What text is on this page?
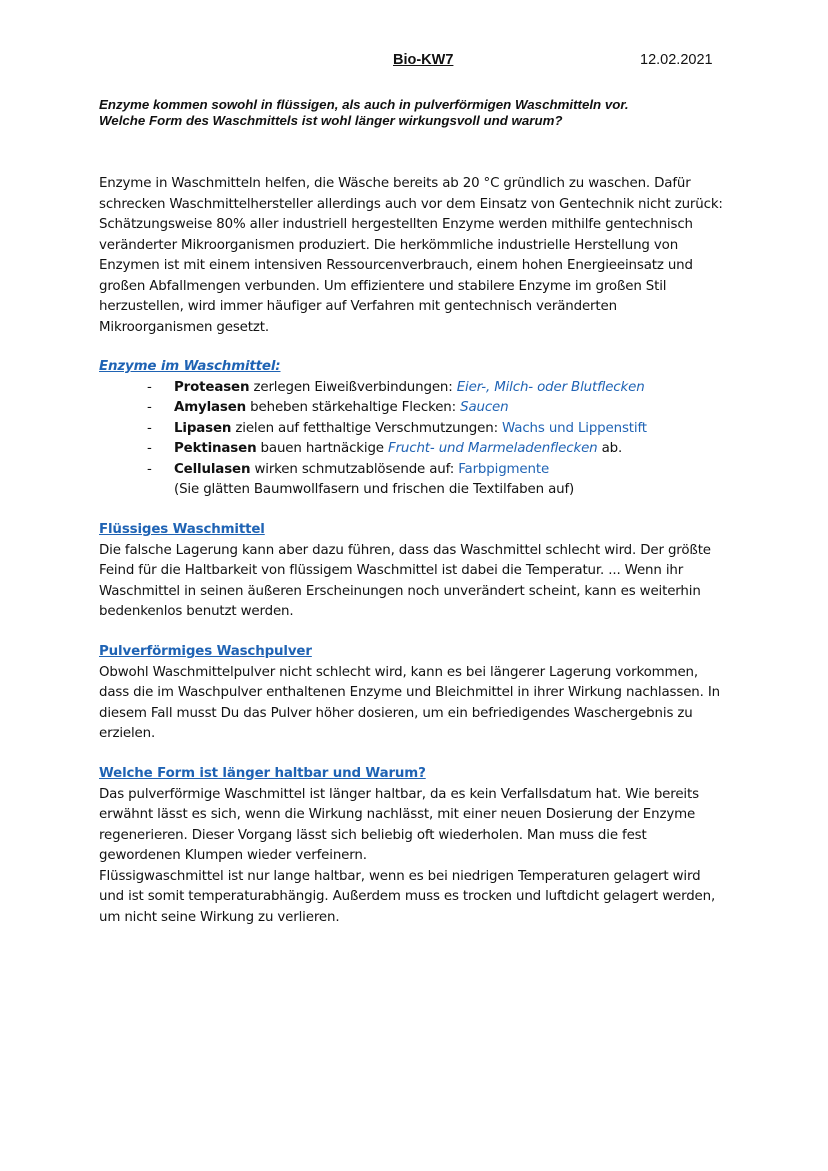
Bio-KW7	12.02.2021
Enzyme kommen sowohl in flüssigen, als auch in pulverförmigen Waschmitteln vor.
Welche Form des Waschmittels ist wohl länger wirkungsvoll und warum?

Enzyme in Waschmitteln helfen, die Wäsche bereits ab 20 °C gründlich zu waschen. Dafür schrecken Waschmittelhersteller allerdings auch vor dem Einsatz von Gentechnik nicht zurück: Schätzungsweise 80% aller industriell hergestellten Enzyme werden mithilfe gentechnisch veränderter Mikroorganismen produziert. Die herkömmliche industrielle Herstellung von Enzymen ist mit einem intensiven Ressourcenverbrauch, einem hohen Energieeinsatz und großen Abfallmengen verbunden. Um effizientere und stabilere Enzyme im großen Stil herzustellen, wird immer häufiger auf Verfahren mit gentechnisch veränderten Mikroorganismen gesetzt.

Enzyme im Waschmittel:
- Proteasen zerlegen Eiweißverbindungen: Eier-, Milch- oder Blutflecken
- Amylasen beheben stärkehaltige Flecken: Saucen
- Lipasen zielen auf fetthaltige Verschmutzungen: Wachs und Lippenstift
- Pektinasen bauen hartnäckige Frucht- und Marmeladenflecken ab.
- Cellulasen wirken schmutzablösende auf: Farbpigmente
(Sie glätten Baumwollfasern und frischen die Textilfaben auf)
Flüssiges Waschmittel

Die falsche Lagerung kann aber dazu führen, dass das Waschmittel schlecht wird. Der größte Feind für die Haltbarkeit von flüssigem Waschmittel ist dabei die Temperatur. ... Wenn ihr Waschmittel in seinen äußeren Erscheinungen noch unverändert scheint, kann es weiterhin bedenkenlos benutzt werden.

Pulverförmiges Waschpulver

Obwohl Waschmittelpulver nicht schlecht wird, kann es bei längerer Lagerung vorkommen, dass die im Waschpulver enthaltenen Enzyme und Bleichmittel in ihrer Wirkung nachlassen. In diesem Fall musst Du das Pulver höher dosieren, um ein befriedigendes Waschergebnis zu erzielen.

Welche Form ist länger haltbar und Warum?

Das pulverförmige Waschmittel ist länger haltbar, da es kein Verfallsdatum hat. Wie bereits erwähnt lässt es sich, wenn die Wirkung nachlässt, mit einer neuen Dosierung der Enzyme regenerieren. Dieser Vorgang lässt sich beliebig oft wiederholen. Man muss die fest gewordenen Klumpen wieder verfeinern.

Flüssigwaschmittel ist nur lange haltbar, wenn es bei niedrigen Temperaturen gelagert wird und ist somit temperaturabhängig. Außerdem muss es trocken und luftdicht gelagert werden, um nicht seine Wirkung zu verlieren.
